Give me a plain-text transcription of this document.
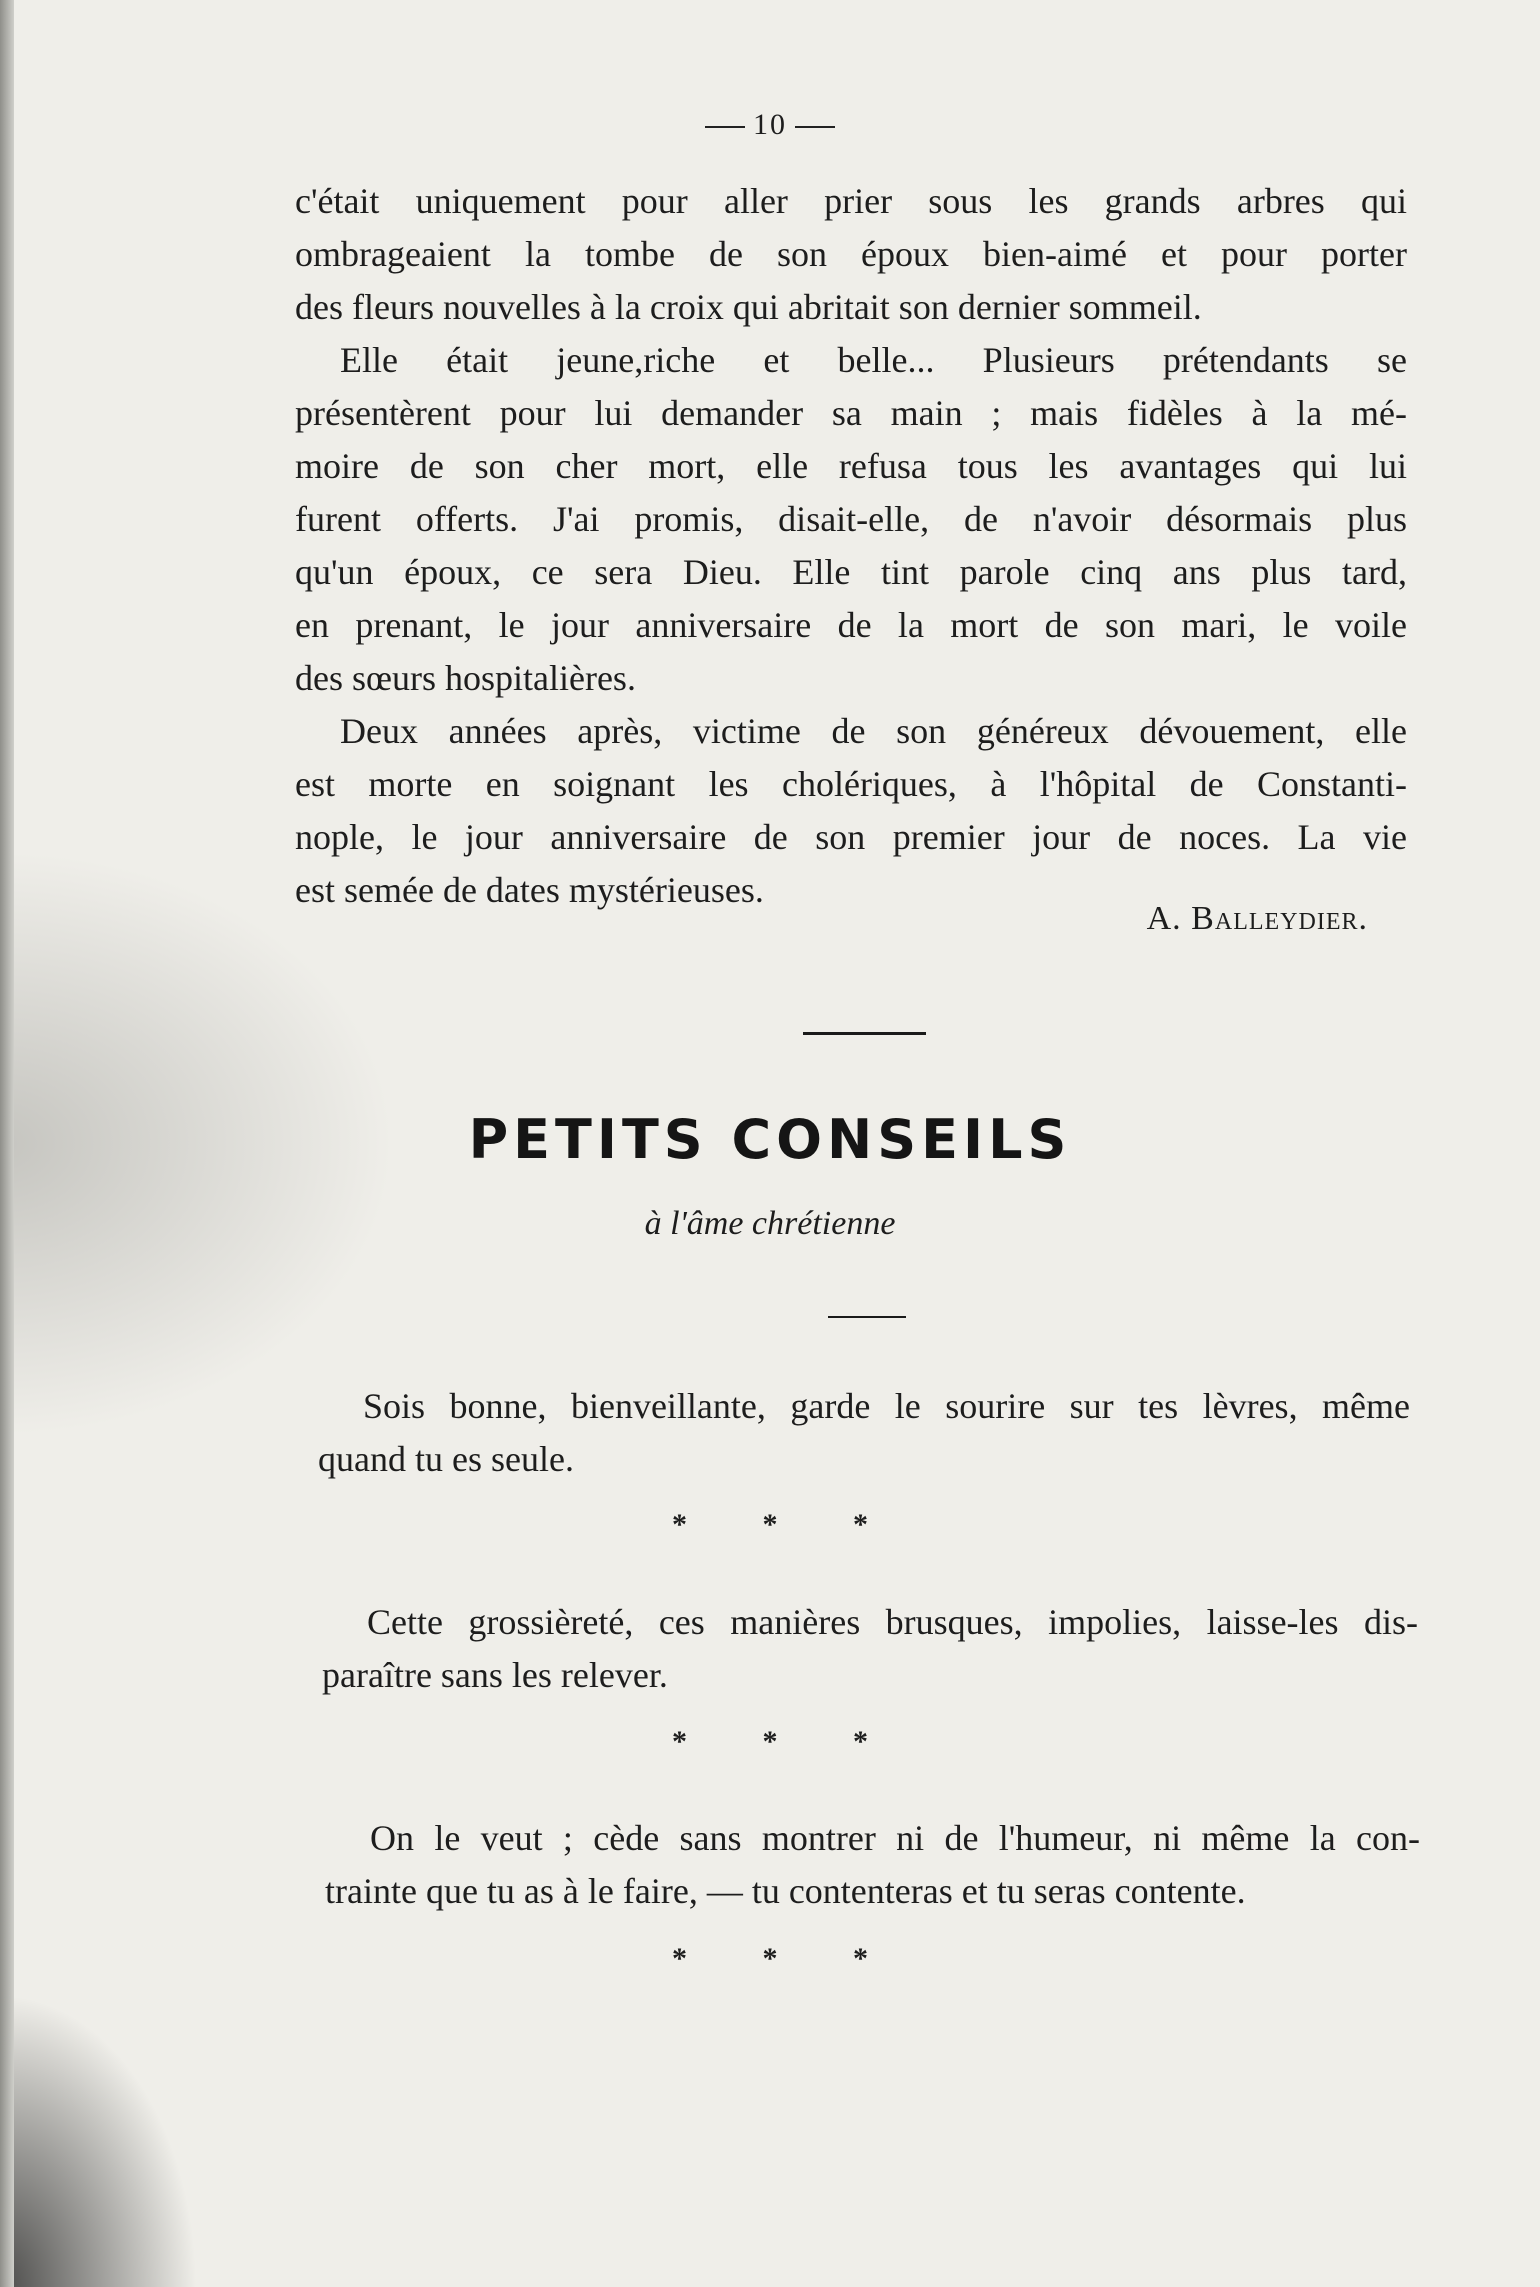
10
c'était uniquement pour aller prier sous les grands arbres qui
ombrageaient la tombe de son époux bien-aimé et pour porter
des fleurs nouvelles à la croix qui abritait son dernier sommeil.
Elle était jeune,riche et belle... Plusieurs prétendants se
présentèrent pour lui demander sa main ; mais fidèles à la mé-
moire de son cher mort, elle refusa tous les avantages qui lui
furent offerts. J'ai promis, disait-elle, de n'avoir désormais plus
qu'un époux, ce sera Dieu. Elle tint parole cinq ans plus tard,
en prenant, le jour anniversaire de la mort de son mari, le voile
des sœurs hospitalières.
Deux années après, victime de son généreux dévouement, elle
est morte en soignant les cholériques, à l'hôpital de Constanti-
nople, le jour anniversaire de son premier jour de noces. La vie
est semée de dates mystérieuses.
A. Balleydier.
PETITS CONSEILS
à l'âme chrétienne
Sois bonne, bienveillante, garde le sourire sur tes lèvres, même
quand tu es seule.
* * *
Cette grossièreté, ces manières brusques, impolies, laisse-les dis-
paraître sans les relever.
* * *
On le veut ; cède sans montrer ni de l'humeur, ni même la con-
trainte que tu as à le faire, — tu contenteras et tu seras contente.
* * *
